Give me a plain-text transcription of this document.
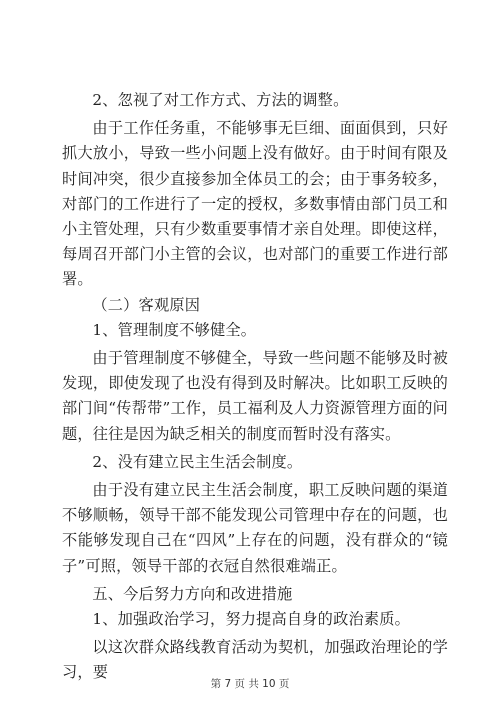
2、忽视了对工作方式、方法的调整。

由于工作任务重，不能够事无巨细、面面俱到，只好抓大放小，导致一些小问题上没有做好。由于时间有限及时间冲突，很少直接参加全体员工的会；由于事务较多，对部门的工作进行了一定的授权，多数事情由部门员工和小主管处理，只有少数重要事情才亲自处理。即使这样，每周召开部门小主管的会议，也对部门的重要工作进行部署。

（二）客观原因

1、管理制度不够健全。

由于管理制度不够健全，导致一些问题不能够及时被发现，即使发现了也没有得到及时解决。比如职工反映的部门间“传帮带”工作，员工福利及人力资源管理方面的问题，往往是因为缺乏相关的制度而暂时没有落实。

2、没有建立民主生活会制度。

由于没有建立民主生活会制度，职工反映问题的渠道不够顺畅，领导干部不能发现公司管理中存在的问题，也不能够发现自己在“四风”上存在的问题，没有群众的“镜子”可照，领导干部的衣冠自然很难端正。

五、今后努力方向和改进措施

1、加强政治学习，努力提高自身的政治素质。

以这次群众路线教育活动为契机，加强政治理论的学习，要

第 7 页 共 10 页
